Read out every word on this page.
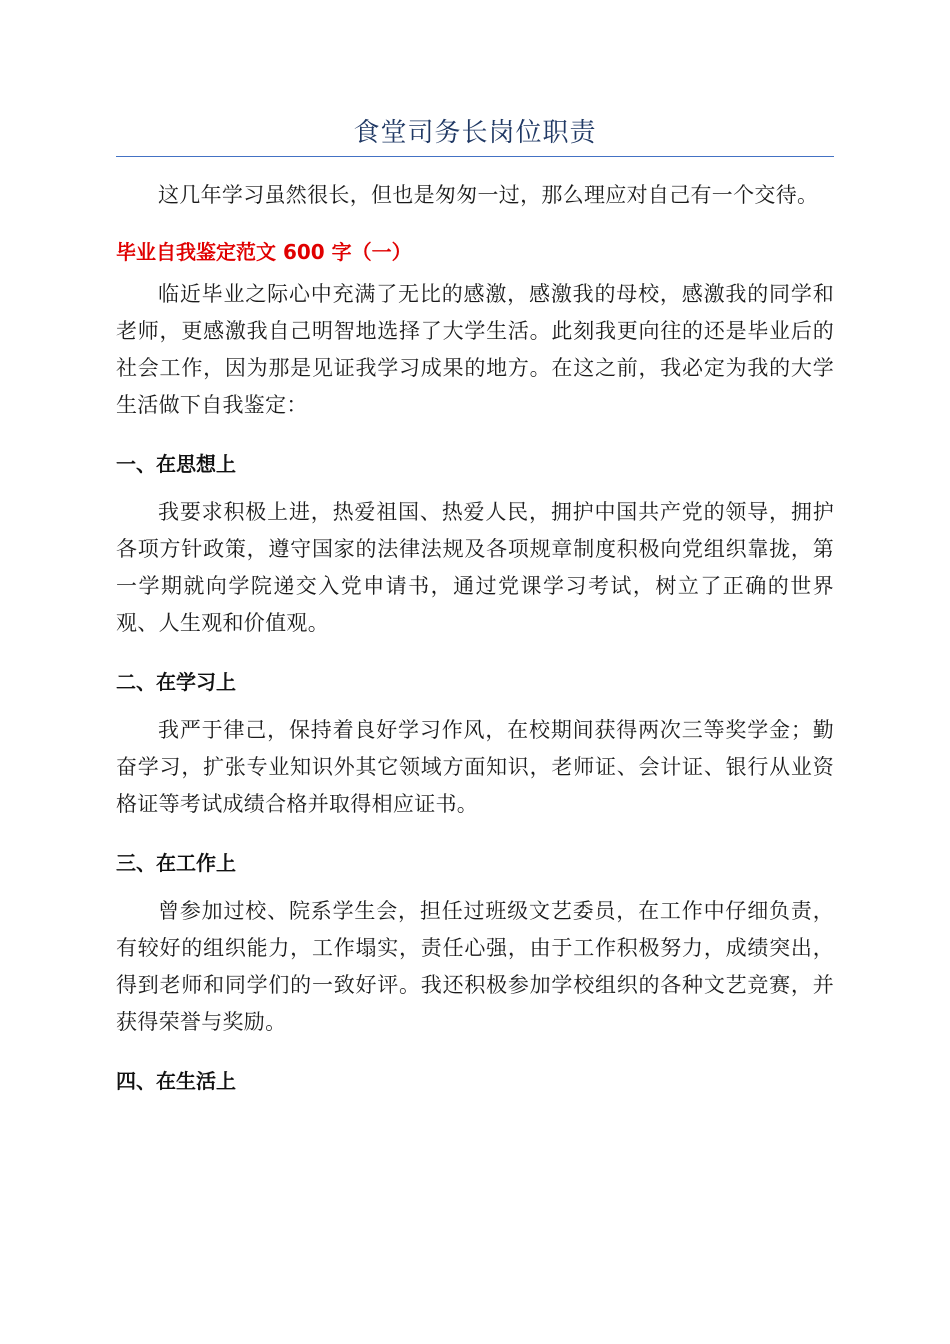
食堂司务长岗位职责

这几年学习虽然很长，但也是匆匆一过，那么理应对自己有一个交待。

毕业自我鉴定范文 600 字（一）

临近毕业之际心中充满了无比的感激，感激我的母校，感激我的同学和老师，更感激我自己明智地选择了大学生活。此刻我更向往的还是毕业后的社会工作，因为那是见证我学习成果的地方。在这之前，我必定为我的大学生活做下自我鉴定：

一、在思想上

我要求积极上进，热爱祖国、热爱人民，拥护中国共产党的领导，拥护各项方针政策，遵守国家的法律法规及各项规章制度积极向党组织靠拢，第一学期就向学院递交入党申请书，通过党课学习考试，树立了正确的世界观、人生观和价值观。

二、在学习上

我严于律己，保持着良好学习作风，在校期间获得两次三等奖学金；勤奋学习，扩张专业知识外其它领域方面知识，老师证、会计证、银行从业资格证等考试成绩合格并取得相应证书。

三、在工作上

曾参加过校、院系学生会，担任过班级文艺委员，在工作中仔细负责，有较好的组织能力，工作塌实，责任心强，由于工作积极努力，成绩突出，得到老师和同学们的一致好评。我还积极参加学校组织的各种文艺竞赛，并获得荣誉与奖励。

四、在生活上
